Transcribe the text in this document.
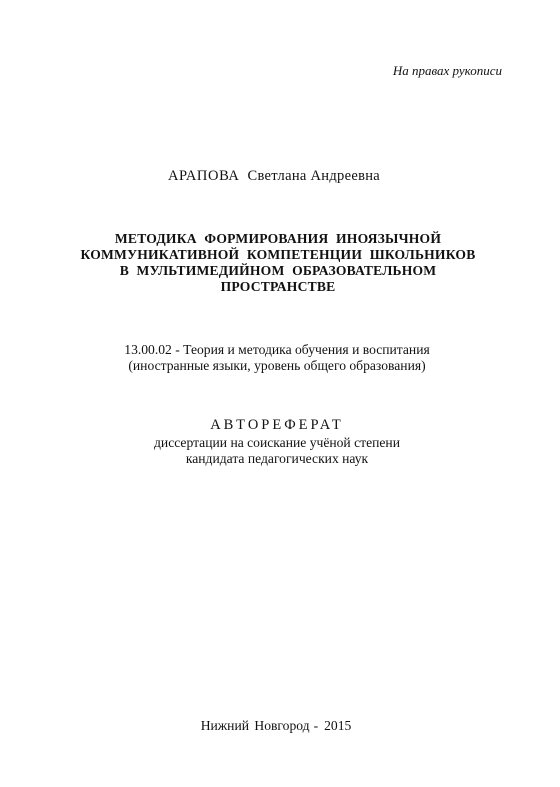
На правах рукописи
АРАПОВА Светлана Андреевна
МЕТОДИКА ФОРМИРОВАНИЯ ИНОЯЗЫЧНОЙ
КОММУНИКАТИВНОЙ КОМПЕТЕНЦИИ ШКОЛЬНИКОВ
В МУЛЬТИМЕДИЙНОМ ОБРАЗОВАТЕЛЬНОМ
ПРОСТРАНСТВЕ
13.00.02 - Теория и методика обучения и воспитания
(иностранные языки, уровень общего образования)
АВТОРЕФЕРАТ
диссертации на соискание учёной степени
кандидата педагогических наук
Нижний Новгород - 2015
